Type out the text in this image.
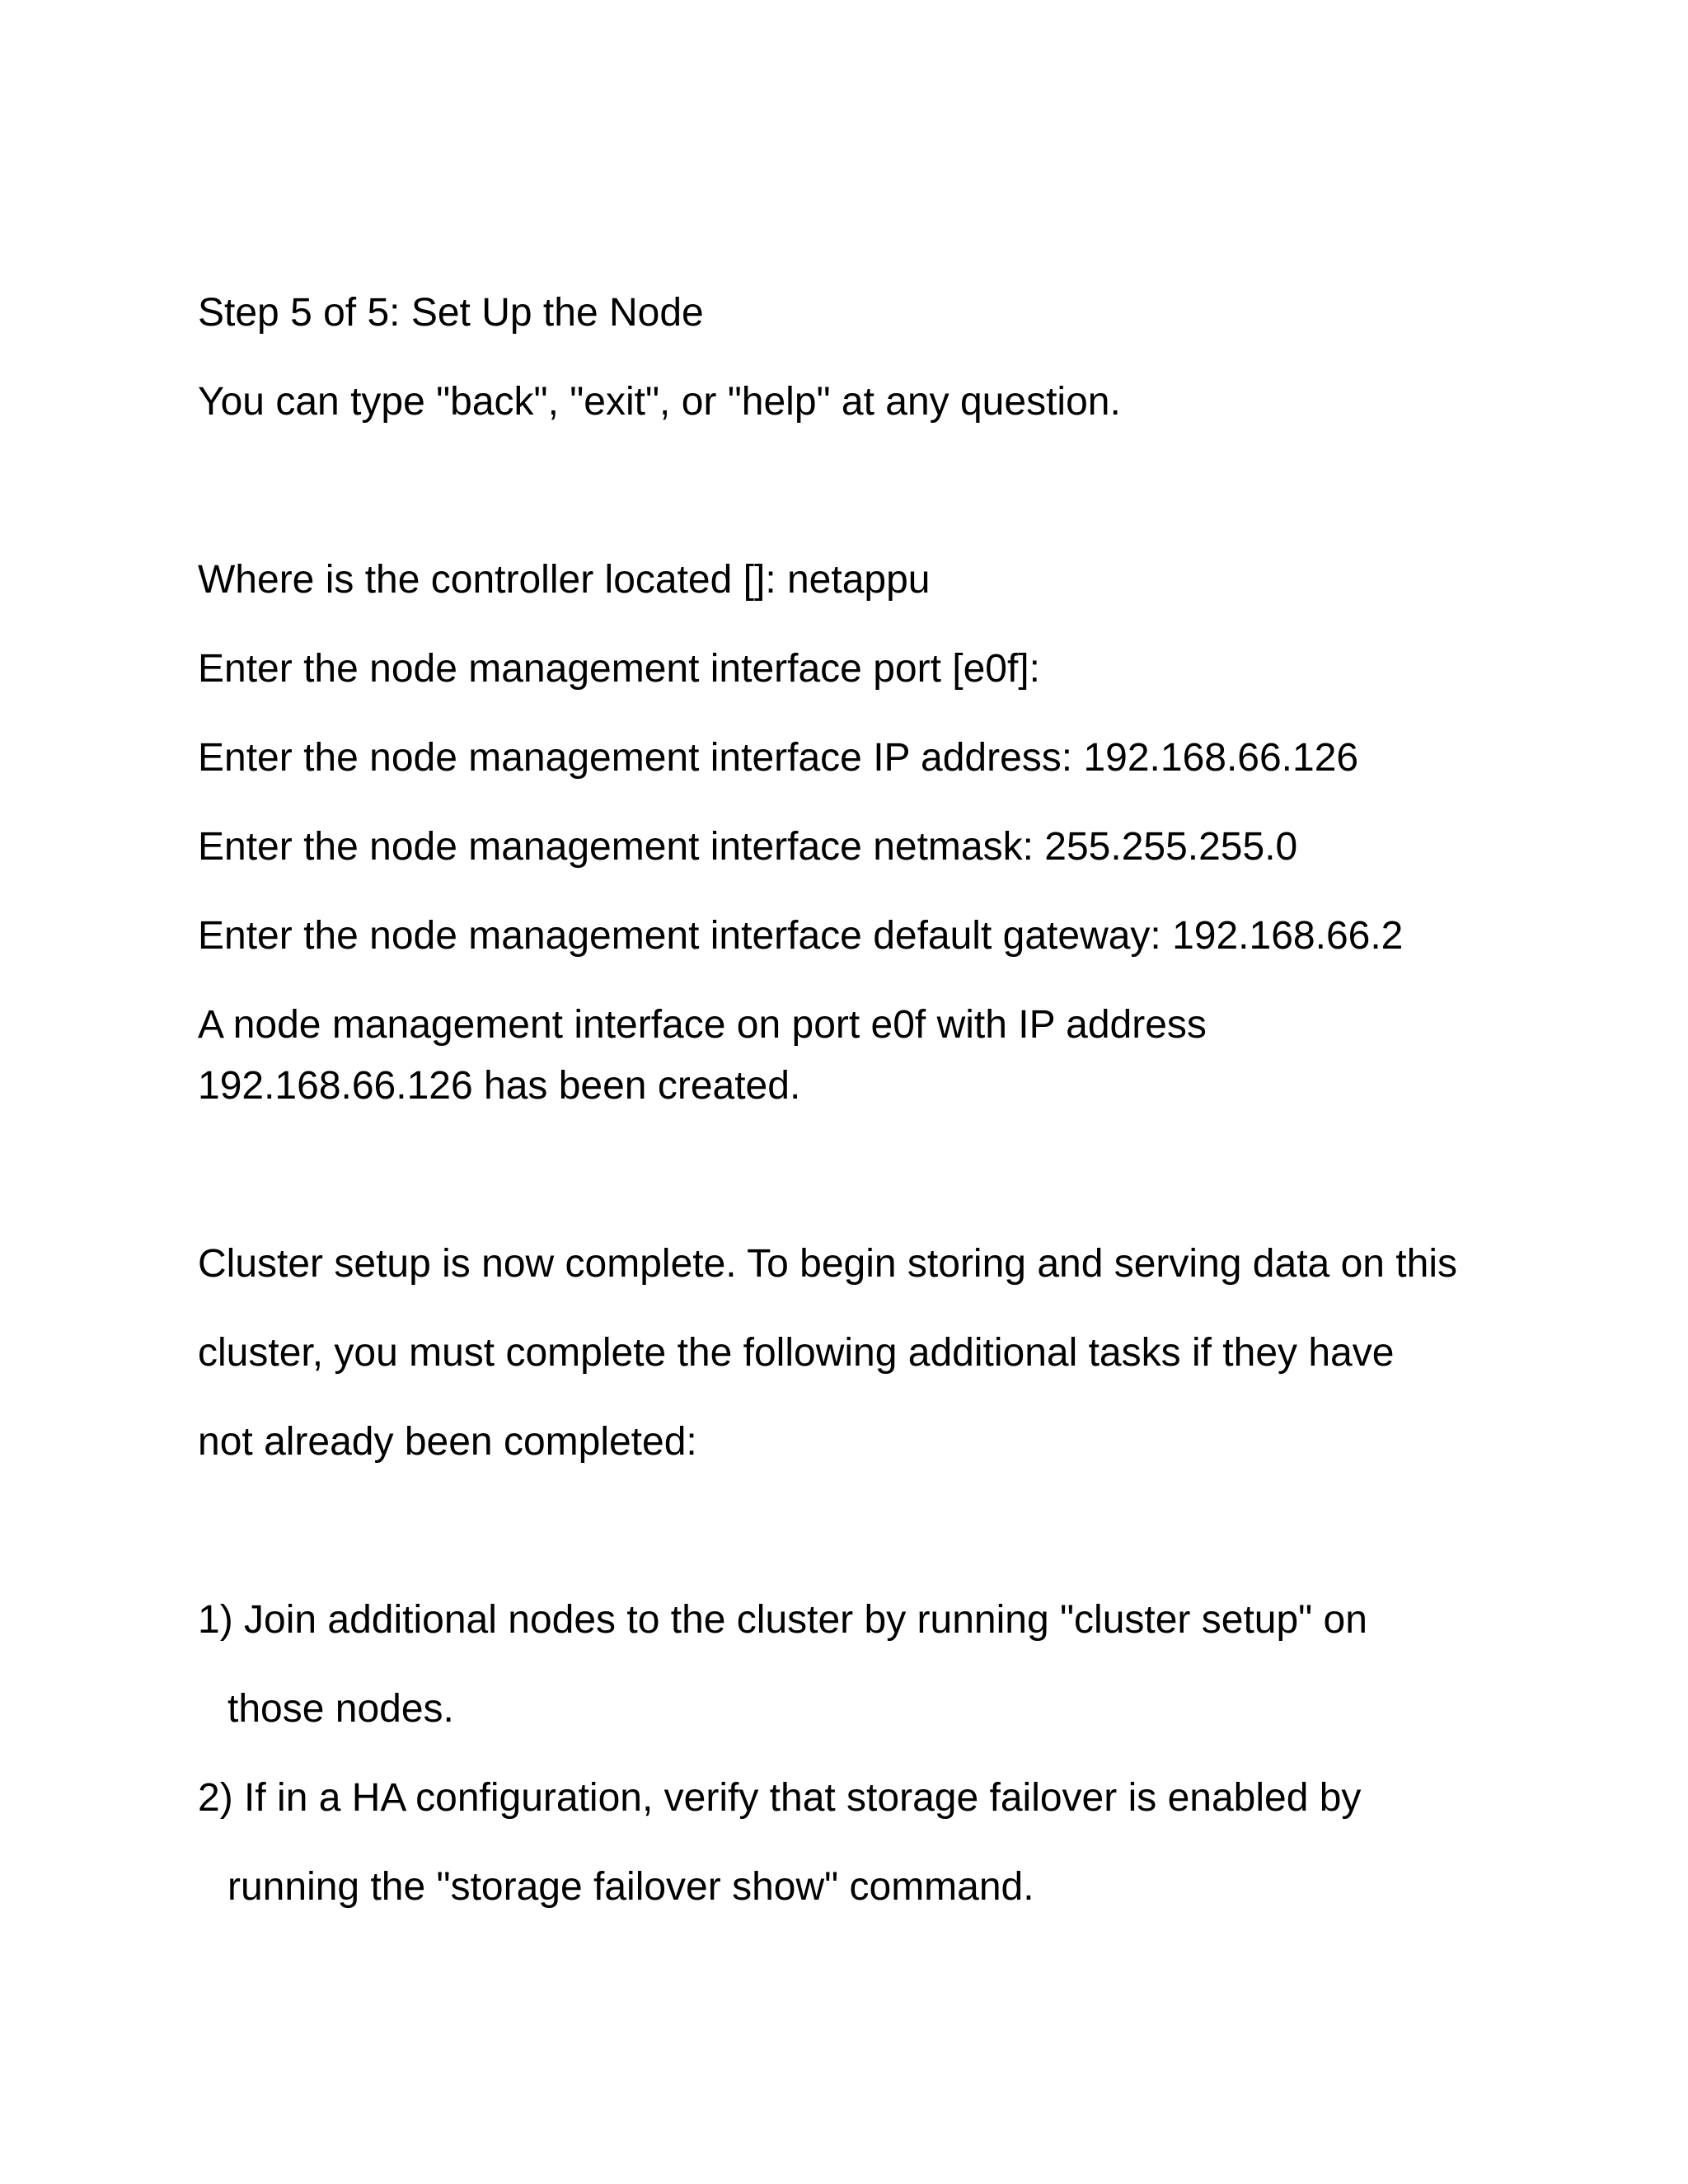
Step 5 of 5: Set Up the Node

You can type "back", "exit", or "help" at any question.

Where is the controller located []: netappu

Enter the node management interface port [e0f]:

Enter the node management interface IP address: 192.168.66.126

Enter the node management interface netmask: 255.255.255.0

Enter the node management interface default gateway: 192.168.66.2

A node management interface on port e0f with IP address

192.168.66.126 has been created.

Cluster setup is now complete. To begin storing and serving data on this

cluster, you must complete the following additional tasks if they have

not already been completed:

1) Join additional nodes to the cluster by running "cluster setup" on

those nodes.

2) If in a HA configuration, verify that storage failover is enabled by

running the "storage failover show" command.
